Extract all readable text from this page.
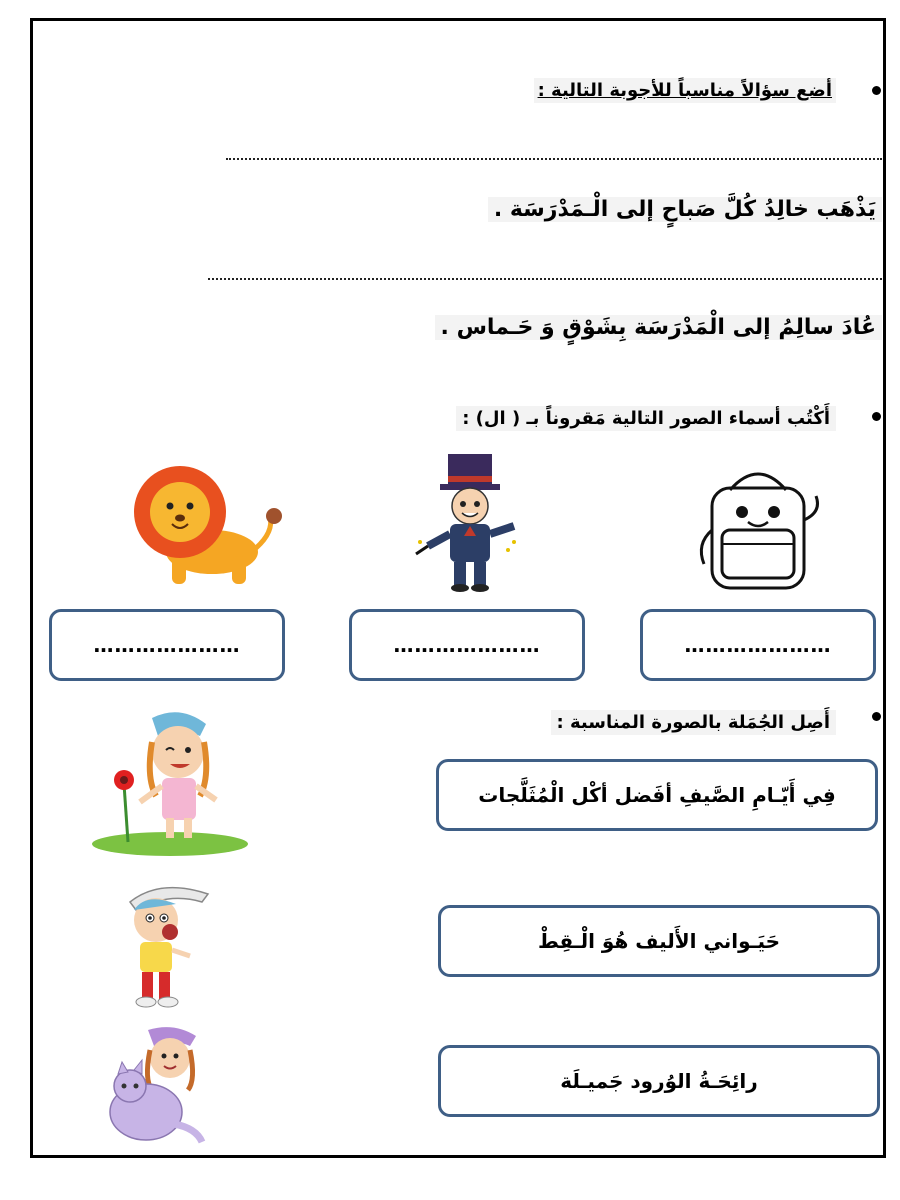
أضع سؤالاً مناسباً للأجوبة التالية :
يَذْهَب خالِدُ كُلَّ صَباحٍ إلى الْـمَدْرَسَة .
عُادَ سالِمُ إلى الْمَدْرَسَة بِشَوْقٍ وَ حَـماس .
أَكْتُب أسماء الصور التالية مَقروناً بـ ( ال) :
…………………
…………………
…………………
أَصِل الجُمَلة بالصورة المناسبة :
فِي أَيّـامِ الصَّيفِ أفَضل أكْل الْمُثَلَّجات
حَيَـواني الأَليف هُوَ الْـقِطْ
رائِحَـةُ الوُرود جَميـلَة
